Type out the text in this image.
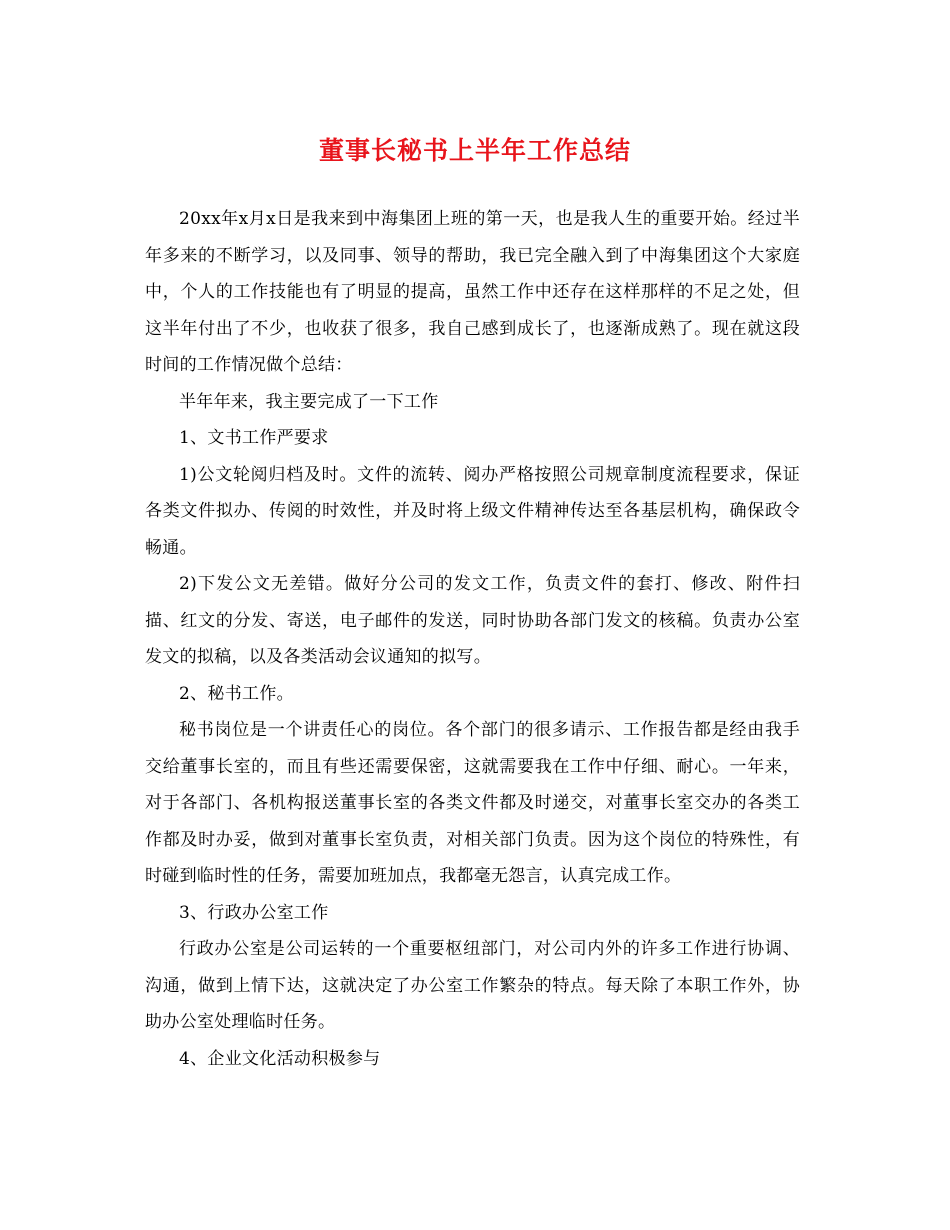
董事长秘书上半年工作总结

20xx年x月x日是我来到中海集团上班的第一天，也是我人生的重要开始。经过半年多来的不断学习，以及同事、领导的帮助，我已完全融入到了中海集团这个大家庭中，个人的工作技能也有了明显的提高，虽然工作中还存在这样那样的不足之处，但这半年付出了不少，也收获了很多，我自己感到成长了，也逐渐成熟了。现在就这段时间的工作情况做个总结：

半年年来，我主要完成了一下工作

1、文书工作严要求

1)公文轮阅归档及时。文件的流转、阅办严格按照公司规章制度流程要求，保证各类文件拟办、传阅的时效性，并及时将上级文件精神传达至各基层机构，确保政令畅通。

2)下发公文无差错。做好分公司的发文工作，负责文件的套打、修改、附件扫描、红文的分发、寄送，电子邮件的发送，同时协助各部门发文的核稿。负责办公室发文的拟稿，以及各类活动会议通知的拟写。

2、秘书工作。

秘书岗位是一个讲责任心的岗位。各个部门的很多请示、工作报告都是经由我手交给董事长室的，而且有些还需要保密，这就需要我在工作中仔细、耐心。一年来，对于各部门、各机构报送董事长室的各类文件都及时递交，对董事长室交办的各类工作都及时办妥，做到对董事长室负责，对相关部门负责。因为这个岗位的特殊性，有时碰到临时性的任务，需要加班加点，我都毫无怨言，认真完成工作。

3、行政办公室工作

行政办公室是公司运转的一个重要枢纽部门，对公司内外的许多工作进行协调、沟通，做到上情下达，这就决定了办公室工作繁杂的特点。每天除了本职工作外，协助办公室处理临时任务。

4、企业文化活动积极参与
